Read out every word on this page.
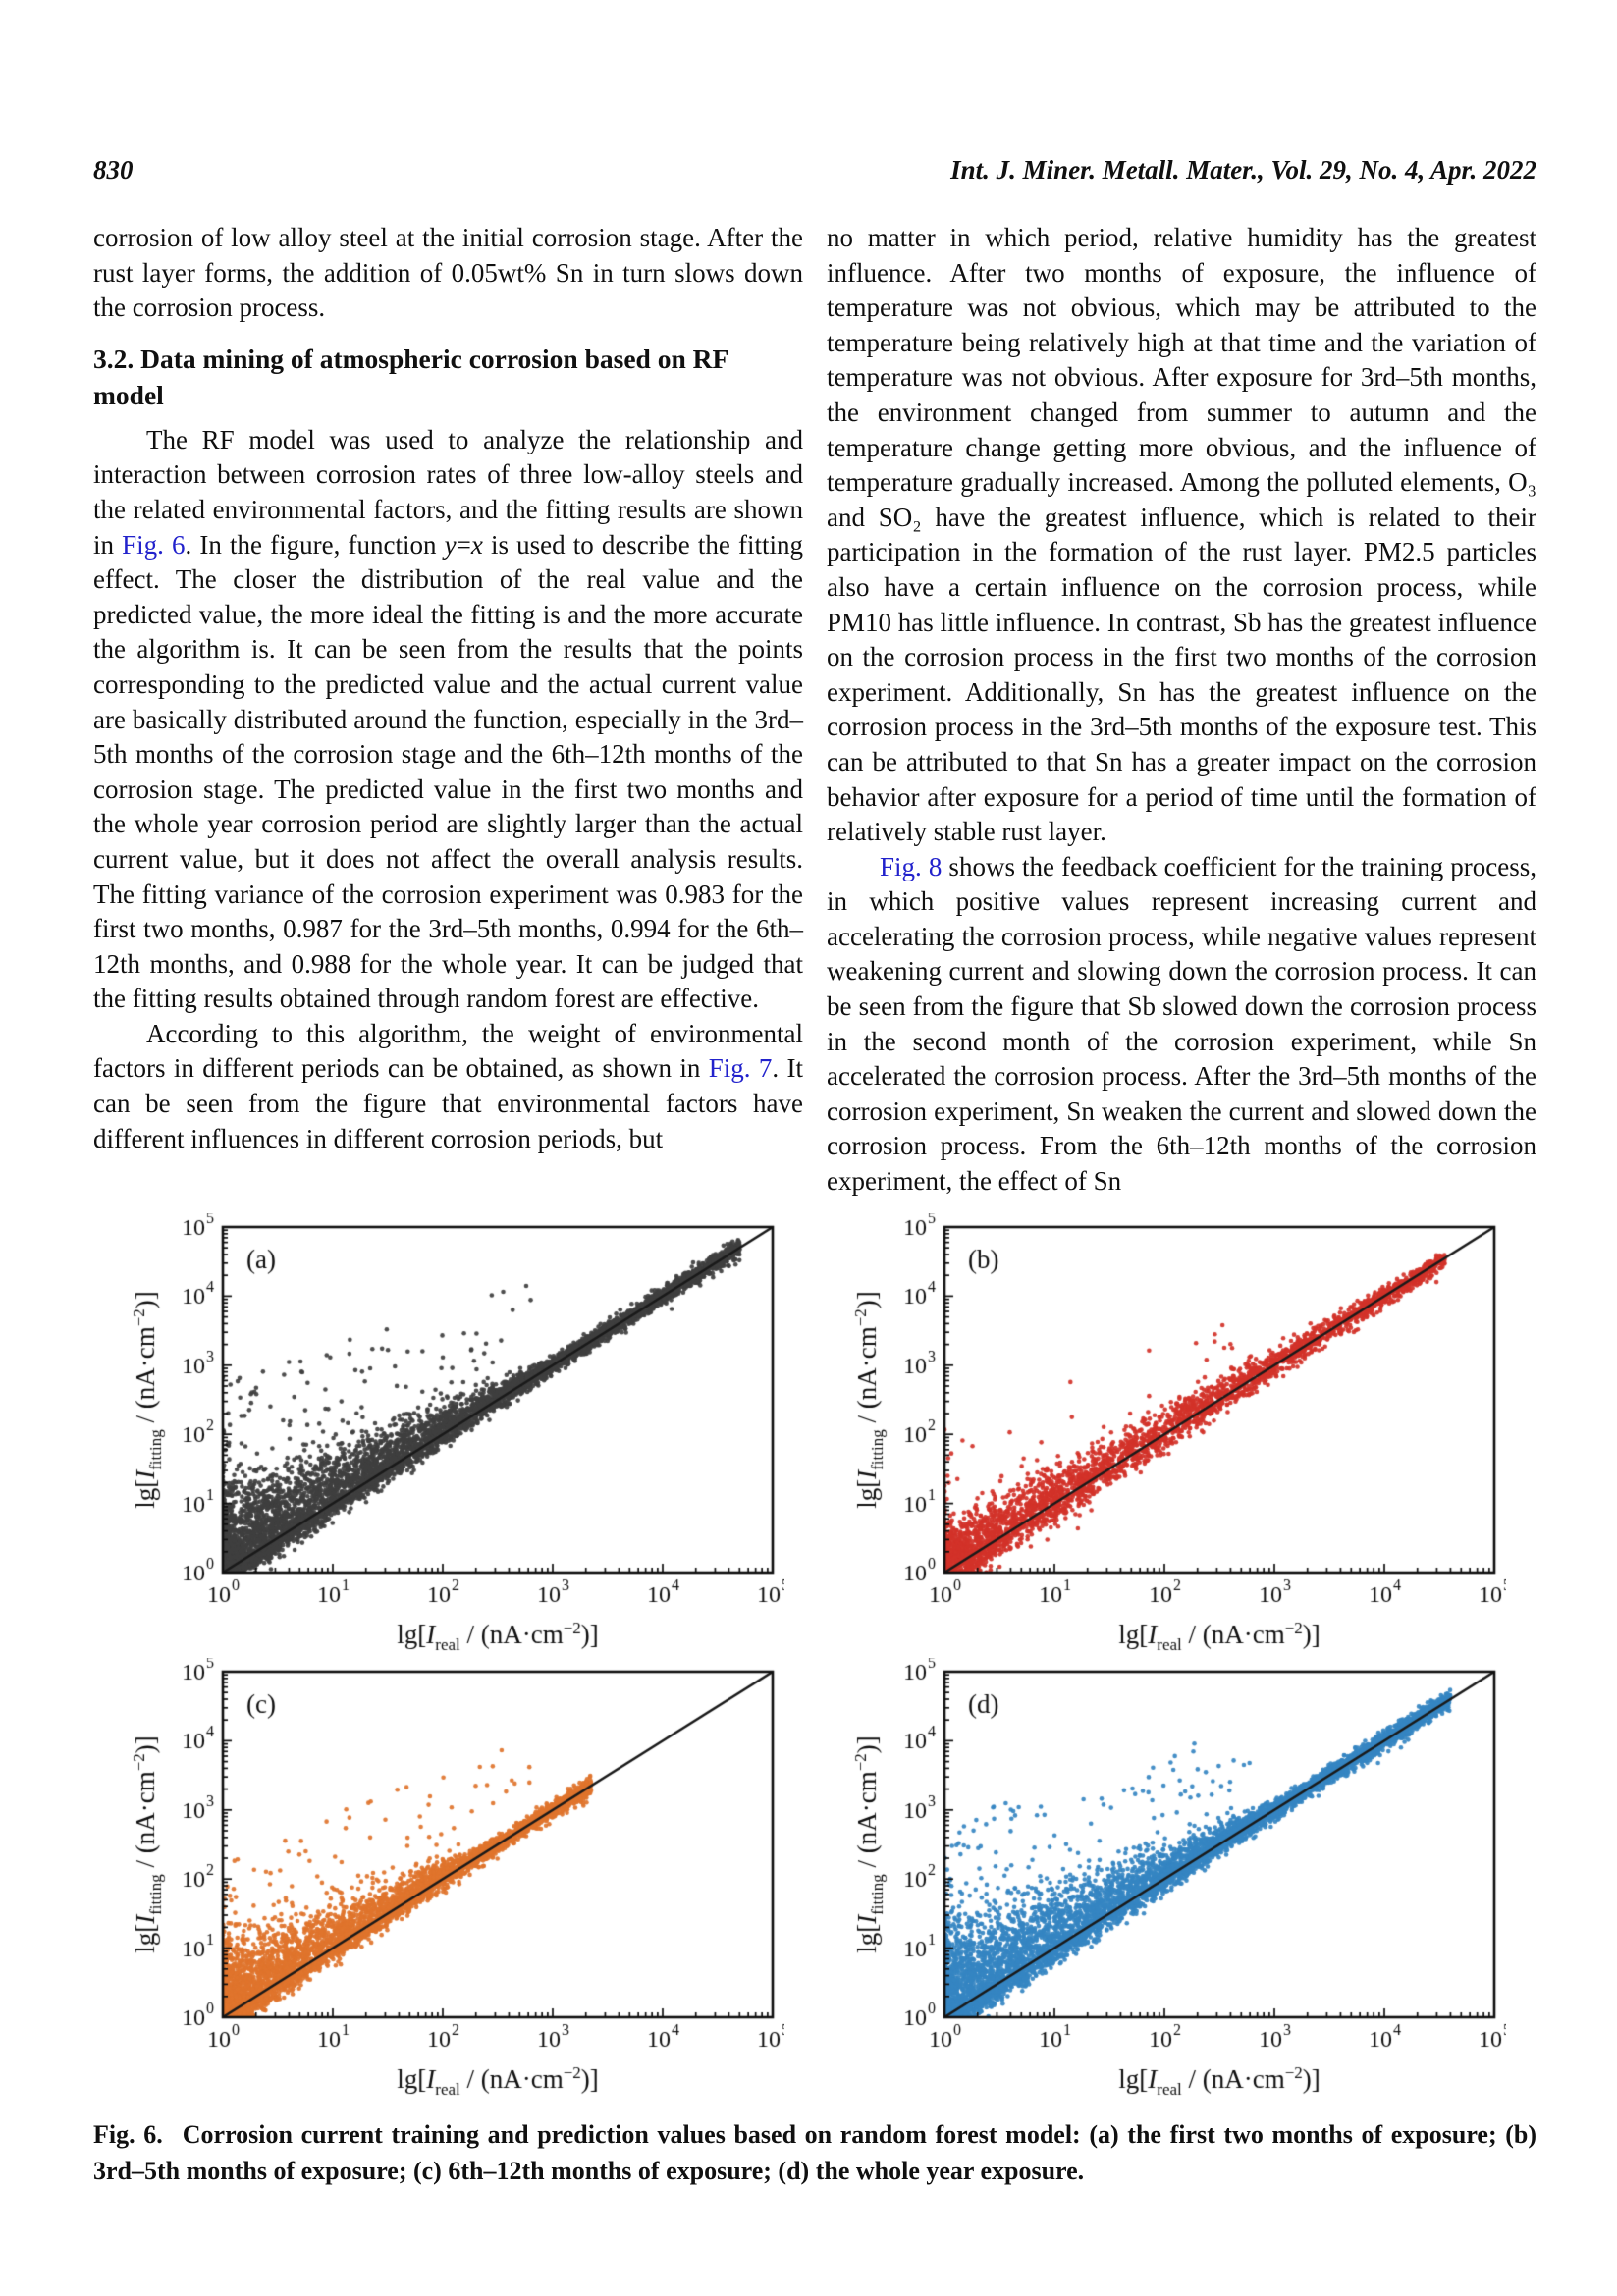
830	Int. J. Miner. Metall. Mater., Vol. 29, No. 4, Apr. 2022

corrosion of low alloy steel at the initial corrosion stage. After the rust layer forms, the addition of 0.05wt% Sn in turn slows down the corrosion process.

3.2. Data mining of atmospheric corrosion based on RF model

The RF model was used to analyze the relationship and interaction between corrosion rates of three low-alloy steels and the related environmental factors, and the fitting results are shown in Fig. 6. In the figure, function y=x is used to describe the fitting effect. The closer the distribution of the real value and the predicted value, the more ideal the fitting is and the more accurate the algorithm is. It can be seen from the results that the points corresponding to the predicted value and the actual current value are basically distributed around the function, especially in the 3rd–5th months of the corrosion stage and the 6th–12th months of the corrosion stage. The predicted value in the first two months and the whole year corrosion period are slightly larger than the actual current value, but it does not affect the overall analysis results. The fitting variance of the corrosion experiment was 0.983 for the first two months, 0.987 for the 3rd–5th months, 0.994 for the 6th–12th months, and 0.988 for the whole year. It can be judged that the fitting results obtained through random forest are effective.

According to this algorithm, the weight of environmental factors in different periods can be obtained, as shown in Fig. 7. It can be seen from the figure that environmental factors have different influences in different corrosion periods, but

no matter in which period, relative humidity has the greatest influence. After two months of exposure, the influence of temperature was not obvious, which may be attributed to the temperature being relatively high at that time and the variation of temperature was not obvious. After exposure for 3rd–5th months, the environment changed from summer to autumn and the temperature change getting more obvious, and the influence of temperature gradually increased. Among the polluted elements, O₃ and SO₂ have the greatest influence, which is related to their participation in the formation of the rust layer. PM2.5 particles also have a certain influence on the corrosion process, while PM10 has little influence. In contrast, Sb has the greatest influence on the corrosion process in the first two months of the corrosion experiment. Additionally, Sn has the greatest influence on the corrosion process in the 3rd–5th months of the exposure test. This can be attributed to that Sn has a greater impact on the corrosion behavior after exposure for a period of time until the formation of relatively stable rust layer.

Fig. 8 shows the feedback coefficient for the training process, in which positive values represent increasing current and accelerating the corrosion process, while negative values represent weakening current and slowing down the corrosion process. It can be seen from the figure that Sb slowed down the corrosion process in the second month of the corrosion experiment, while Sn accelerated the corrosion process. After the 3rd–5th months of the corrosion experiment, Sn weaken the current and slowed down the corrosion process. From the 6th–12th months of the corrosion experiment, the effect of Sn

Fig. 6. Corrosion current training and prediction values based on random forest model: (a) the first two months of exposure; (b) 3rd–5th months of exposure; (c) 6th–12th months of exposure; (d) the whole year exposure.
